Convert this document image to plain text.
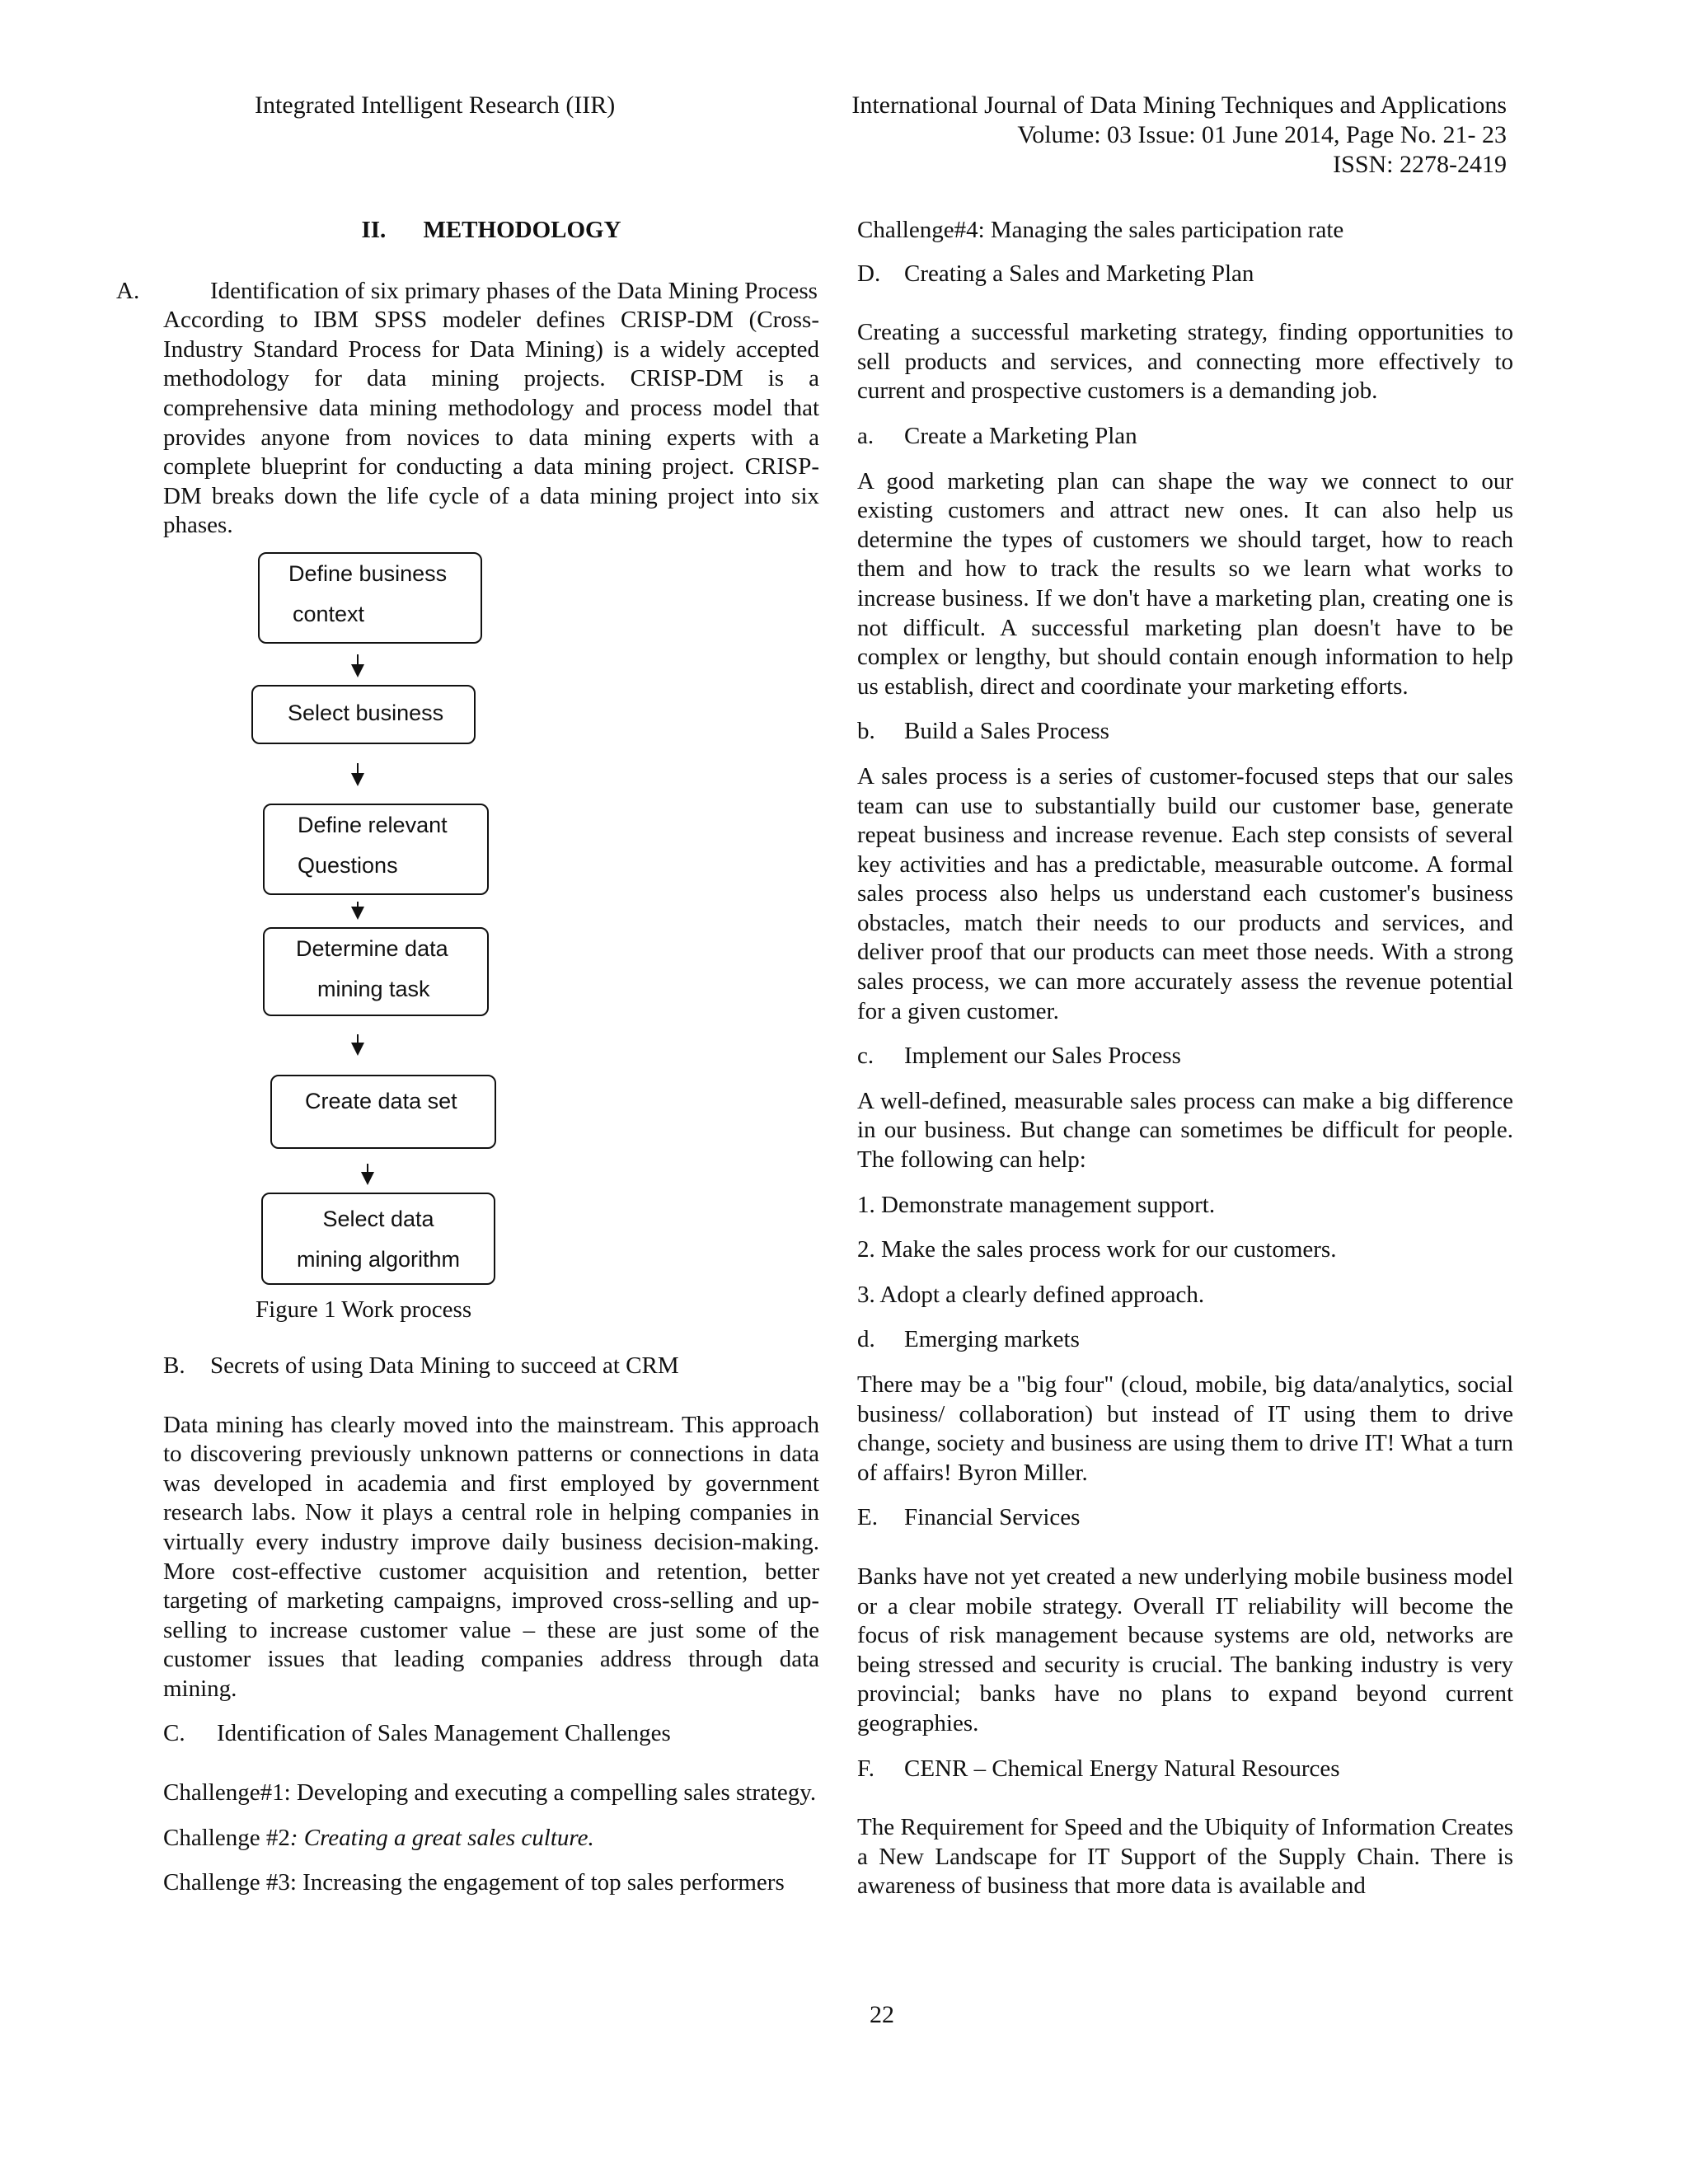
Integrated Intelligent Research (IIR)	International Journal of Data Mining Techniques and Applications
Volume: 03 Issue: 01 June 2014, Page No. 21- 23
ISSN: 2278-2419
II. METHODOLOGY
A.	Identification of six primary phases of the Data Mining Process

According to IBM SPSS modeler defines CRISP-DM (Cross-Industry Standard Process for Data Mining) is a widely accepted methodology for data mining projects. CRISP-DM is a comprehensive data mining methodology and process model that provides anyone from novices to data mining experts with a complete blueprint for conducting a data mining project. CRISP-DM breaks down the life cycle of a data mining project into six phases.

Define business
context
Select business
Define relevant
Questions
Determine data
mining task
Create data set
Select data
mining algorithm
Figure 1 Work process
B. Secrets of using Data Mining to succeed at CRM

Data mining has clearly moved into the mainstream. This approach to discovering previously unknown patterns or connections in data was developed in academia and first employed by government research labs. Now it plays a central role in helping companies in virtually every industry improve daily business decision-making. More cost-effective customer acquisition and retention, better targeting of marketing campaigns, improved cross-selling and up-selling to increase customer value – these are just some of the customer issues that leading companies address through data mining.

C. Identification of Sales Management Challenges

Challenge#1: Developing and executing a compelling sales strategy.

Challenge #2: Creating a great sales culture.

Challenge #3: Increasing the engagement of top sales performers

Challenge#4: Managing the sales participation rate

D. Creating a Sales and Marketing Plan

Creating a successful marketing strategy, finding opportunities to sell products and services, and connecting more effectively to current and prospective customers is a demanding job.

a. Create a Marketing Plan

A good marketing plan can shape the way we connect to our existing customers and attract new ones. It can also help us determine the types of customers we should target, how to reach them and how to track the results so we learn what works to increase business. If we don't have a marketing plan, creating one is not difficult. A successful marketing plan doesn't have to be complex or lengthy, but should contain enough information to help us establish, direct and coordinate your marketing efforts.

b. Build a Sales Process

A sales process is a series of customer-focused steps that our sales team can use to substantially build our customer base, generate repeat business and increase revenue. Each step consists of several key activities and has a predictable, measurable outcome. A formal sales process also helps us understand each customer's business obstacles, match their needs to our products and services, and deliver proof that our products can meet those needs. With a strong sales process, we can more accurately assess the revenue potential for a given customer.

c. Implement our Sales Process

A well-defined, measurable sales process can make a big difference in our business. But change can sometimes be difficult for people. The following can help:

1. Demonstrate management support.

2. Make the sales process work for our customers.

3. Adopt a clearly defined approach.

d. Emerging markets

There may be a "big four" (cloud, mobile, big data/analytics, social business/ collaboration) but instead of IT using them to drive change, society and business are using them to drive IT! What a turn of affairs! Byron Miller.

E. Financial Services

Banks have not yet created a new underlying mobile business model or a clear mobile strategy. Overall IT reliability will become the focus of risk management because systems are old, networks are being stressed and security is crucial. The banking industry is very provincial; banks have no plans to expand beyond current geographies.

F. CENR – Chemical Energy Natural Resources

The Requirement for Speed and the Ubiquity of Information Creates a New Landscape for IT Support of the Supply Chain. There is awareness of business that more data is available and

22
